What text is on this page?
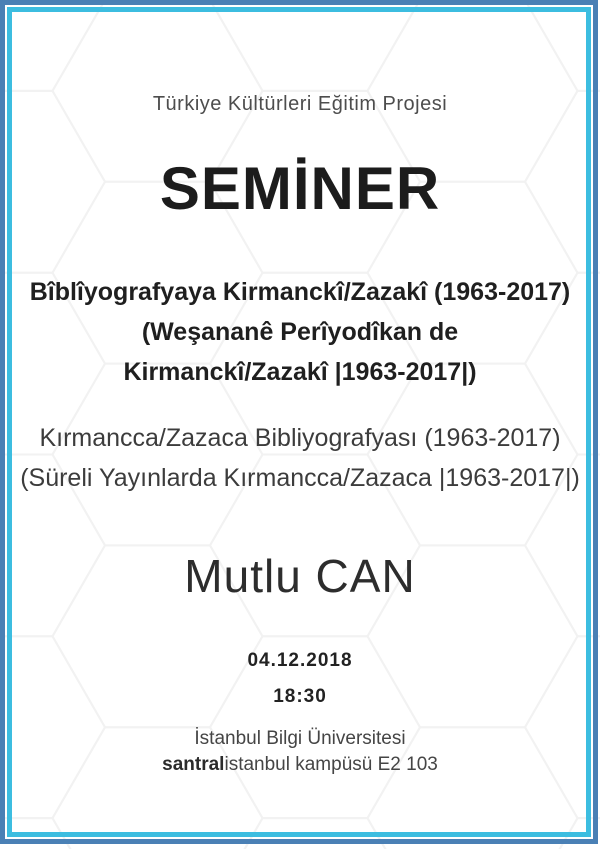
Türkiye Kültürleri Eğitim Projesi
SEMİNER
Bîblîyografyaya Kirmanckî/Zazakî (1963-2017)
(Weşananê Perîyodîkan de
Kirmanckî/Zazakî |1963-2017|)
Kırmancca/Zazaca Bibliyografyası (1963-2017)
(Süreli Yayınlarda Kırmancca/Zazaca |1963-2017|)
Mutlu CAN
04.12.2018
18:30
İstanbul Bilgi Üniversitesi
santralistanbul kampüsü E2 103
